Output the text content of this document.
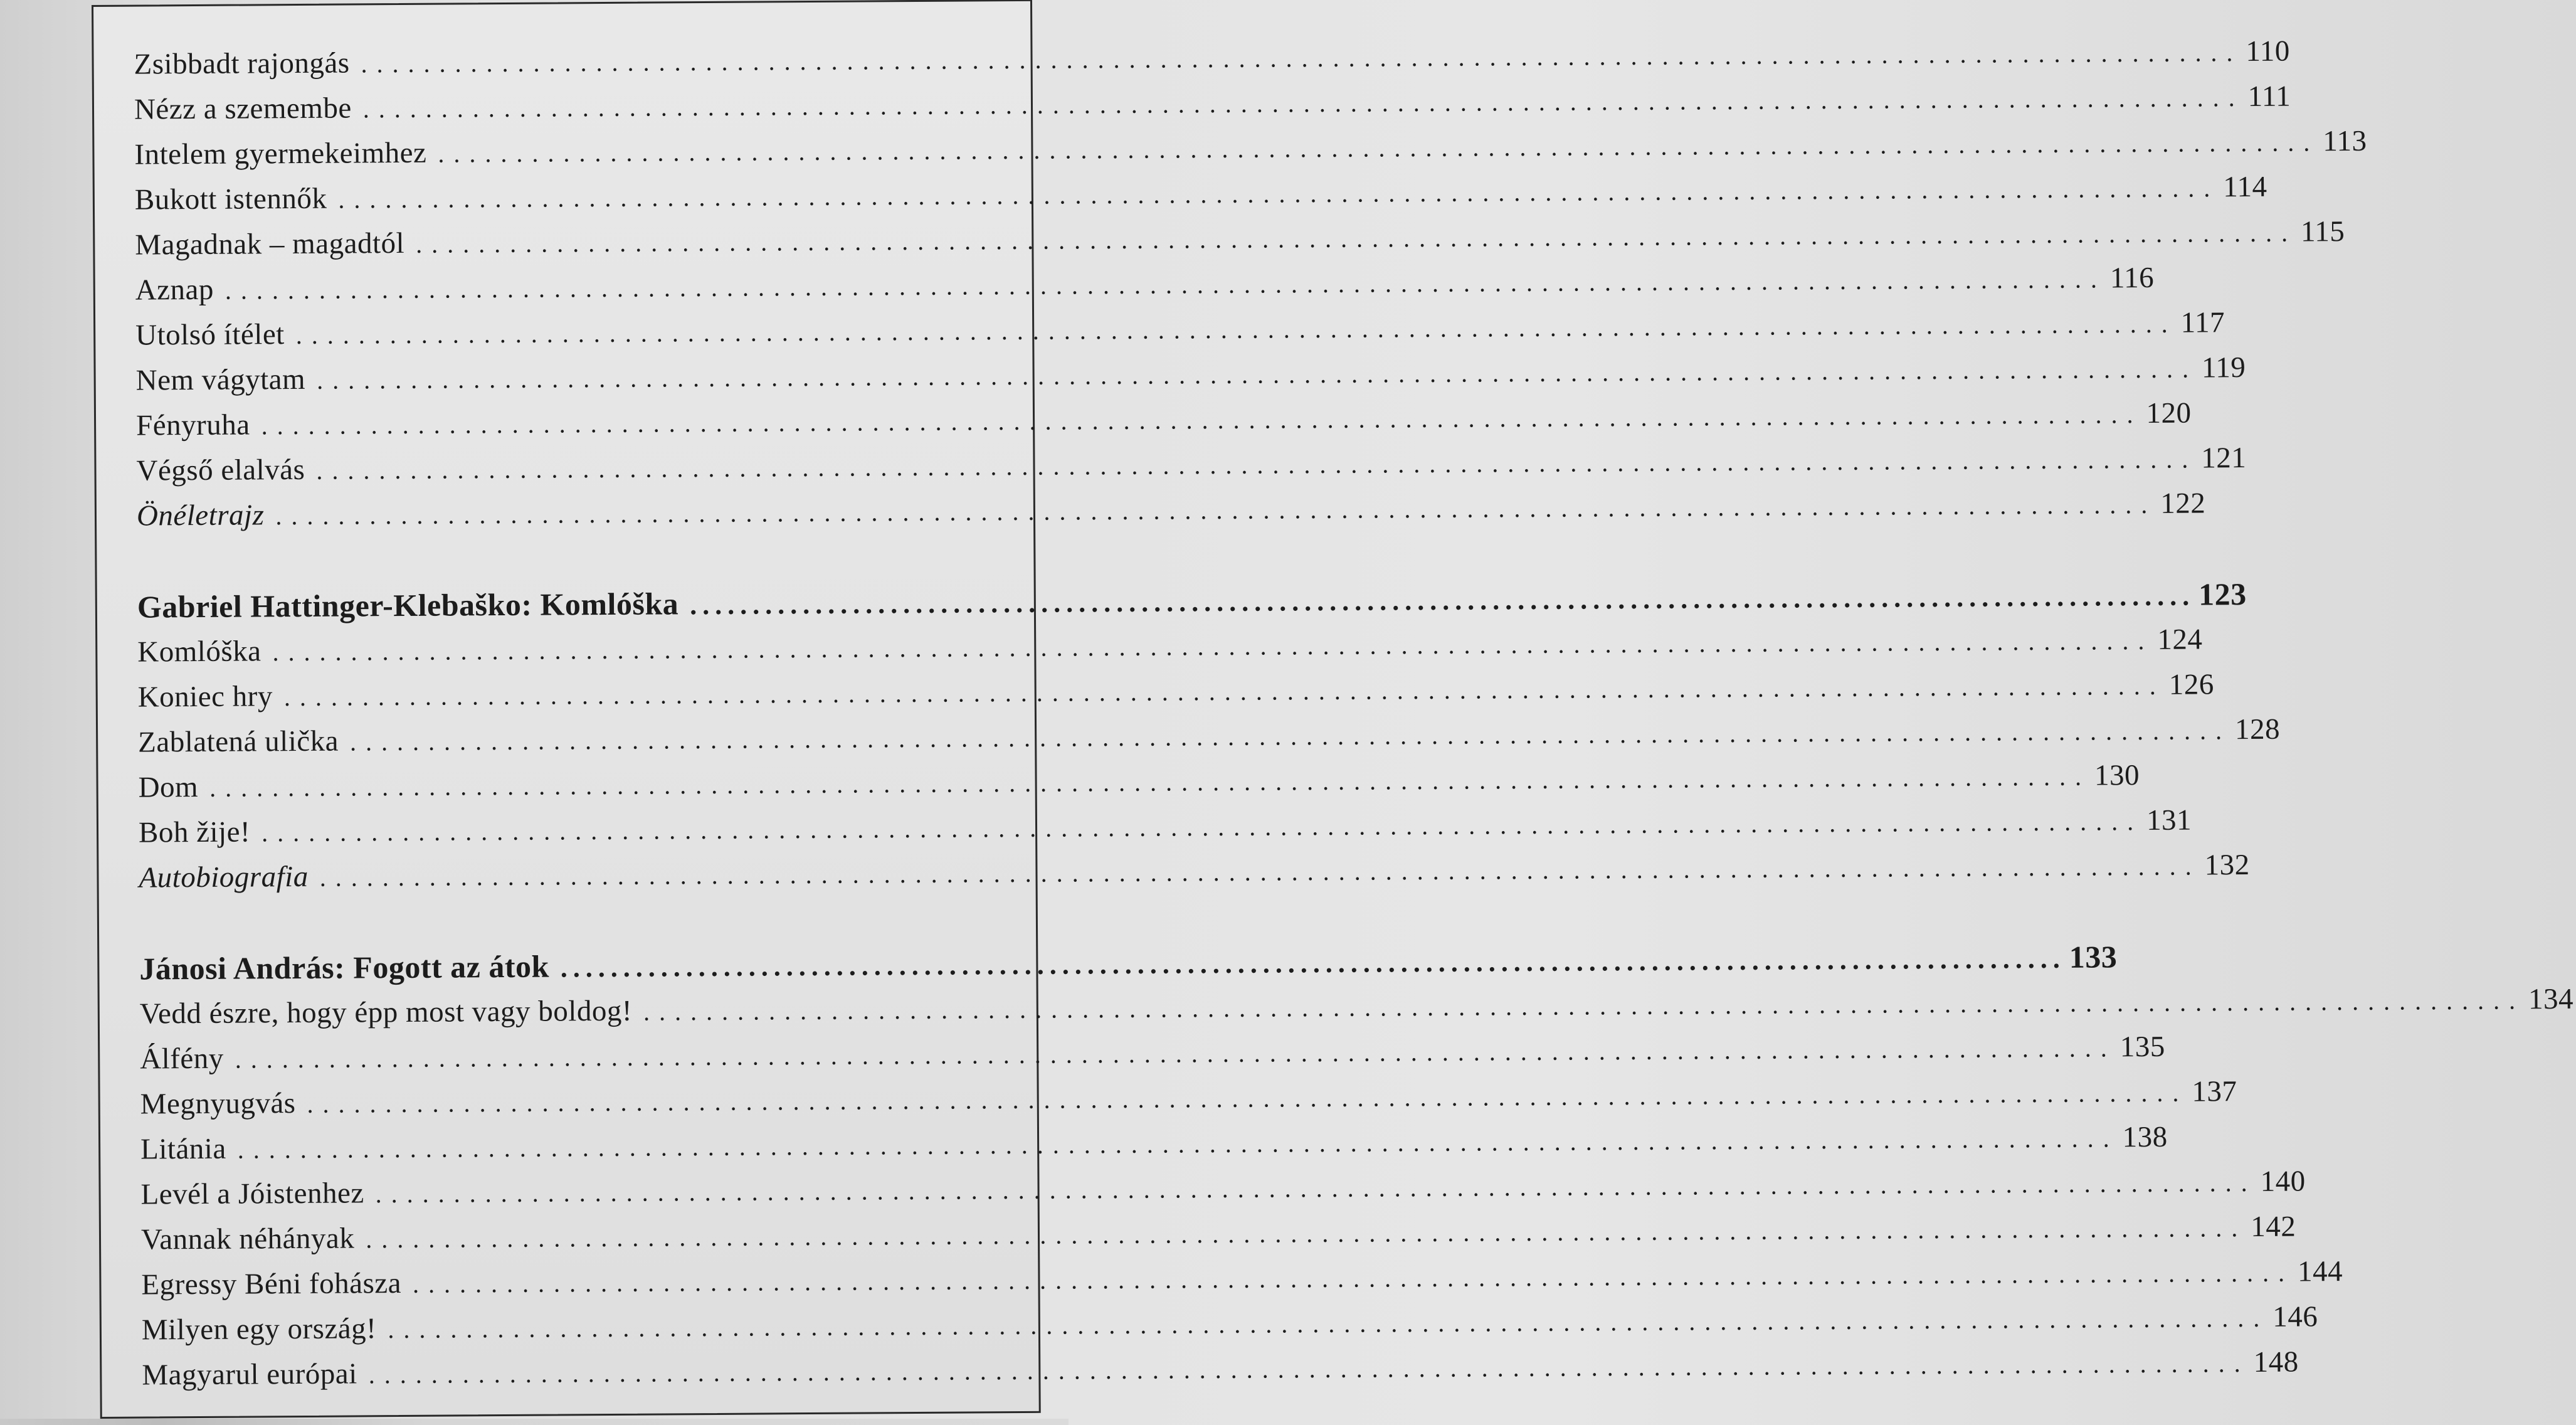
Zsibbadt rajongás ........................................................................................................................ 110
Nézz a szemembe ........................................................................................................................ 111
Intelem gyermekeimhez ........................................................................................................................ 113
Bukott istennők ........................................................................................................................ 114
Magadnak – magadtól ........................................................................................................................ 115
Aznap ........................................................................................................................ 116
Utolsó ítélet ........................................................................................................................ 117
Nem vágytam ........................................................................................................................ 119
Fényruha ........................................................................................................................ 120
Végső elalvás ........................................................................................................................ 121
Önéletrajz ........................................................................................................................ 122
Gabriel Hattinger-Klebaško: Komlóška ........................................................................................................................ 123
Komlóška ........................................................................................................................ 124
Koniec hry ........................................................................................................................ 126
Zablatená ulička ........................................................................................................................ 128
Dom ........................................................................................................................ 130
Boh žije! ........................................................................................................................ 131
Autobiografia ........................................................................................................................ 132
Jánosi András: Fogott az átok ........................................................................................................................ 133
Vedd észre, hogy épp most vagy boldog! ........................................................................................................................ 134
Álfény ........................................................................................................................ 135
Megnyugvás ........................................................................................................................ 137
Litánia ........................................................................................................................ 138
Levél a Jóistenhez ........................................................................................................................ 140
Vannak néhányak ........................................................................................................................ 142
Egressy Béni fohásza ........................................................................................................................ 144
Milyen egy ország! ........................................................................................................................ 146
Magyarul európai ........................................................................................................................ 148
